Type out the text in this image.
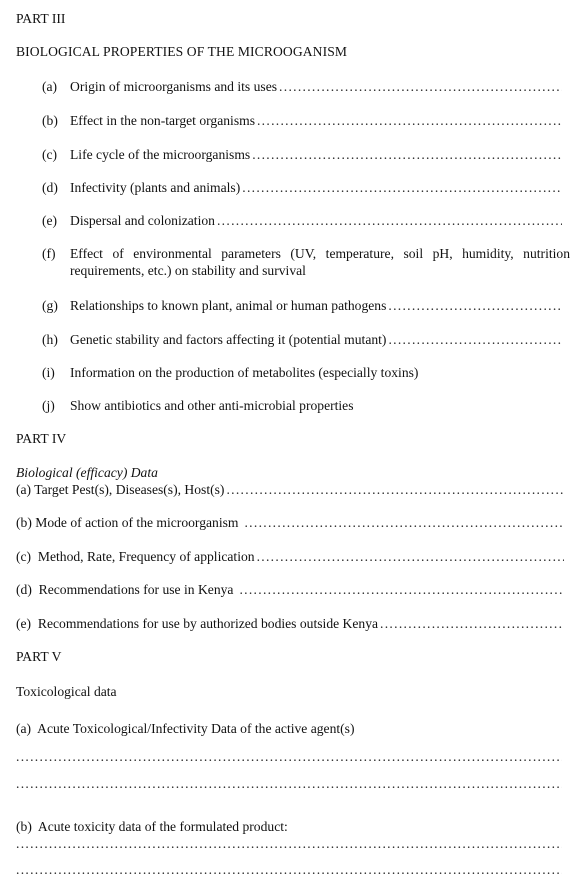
PART III
BIOLOGICAL PROPERTIES OF THE MICROOGANISM
(a) Origin of microorganisms and its uses
.....
(b) Effect in the non-target organisms
.....
(c) Life cycle of the microorganisms
.....
(d) Infectivity (plants and animals)
.....
(e) Dispersal and colonization
.....
(f)	Effect of environmental parameters (UV, temperature, soil pH, humidity, nutrition requirements, etc.) on stability and survival
(g) Relationships to known plant, animal or human pathogens
.....
(h) Genetic stability and factors affecting it (potential mutant)
.....
(i) Information on the production of metabolites (especially toxins)
(j) Show antibiotics and other anti-microbial properties
PART IV
Biological (efficacy) Data
(a) Target Pest(s), Diseases(s), Host(s)
.....
(b) Mode of action of the microorganism
.....
(c)  Method, Rate, Frequency of application
.....
(d)  Recommendations for use in Kenya
.....
(e)  Recommendations for use by authorized bodies outside Kenya
.....
PART V
Toxicological data
(a)  Acute Toxicological/Infectivity Data of the active agent(s)
.....
.....
(b)  Acute toxicity data of the formulated product:
.....
.....
